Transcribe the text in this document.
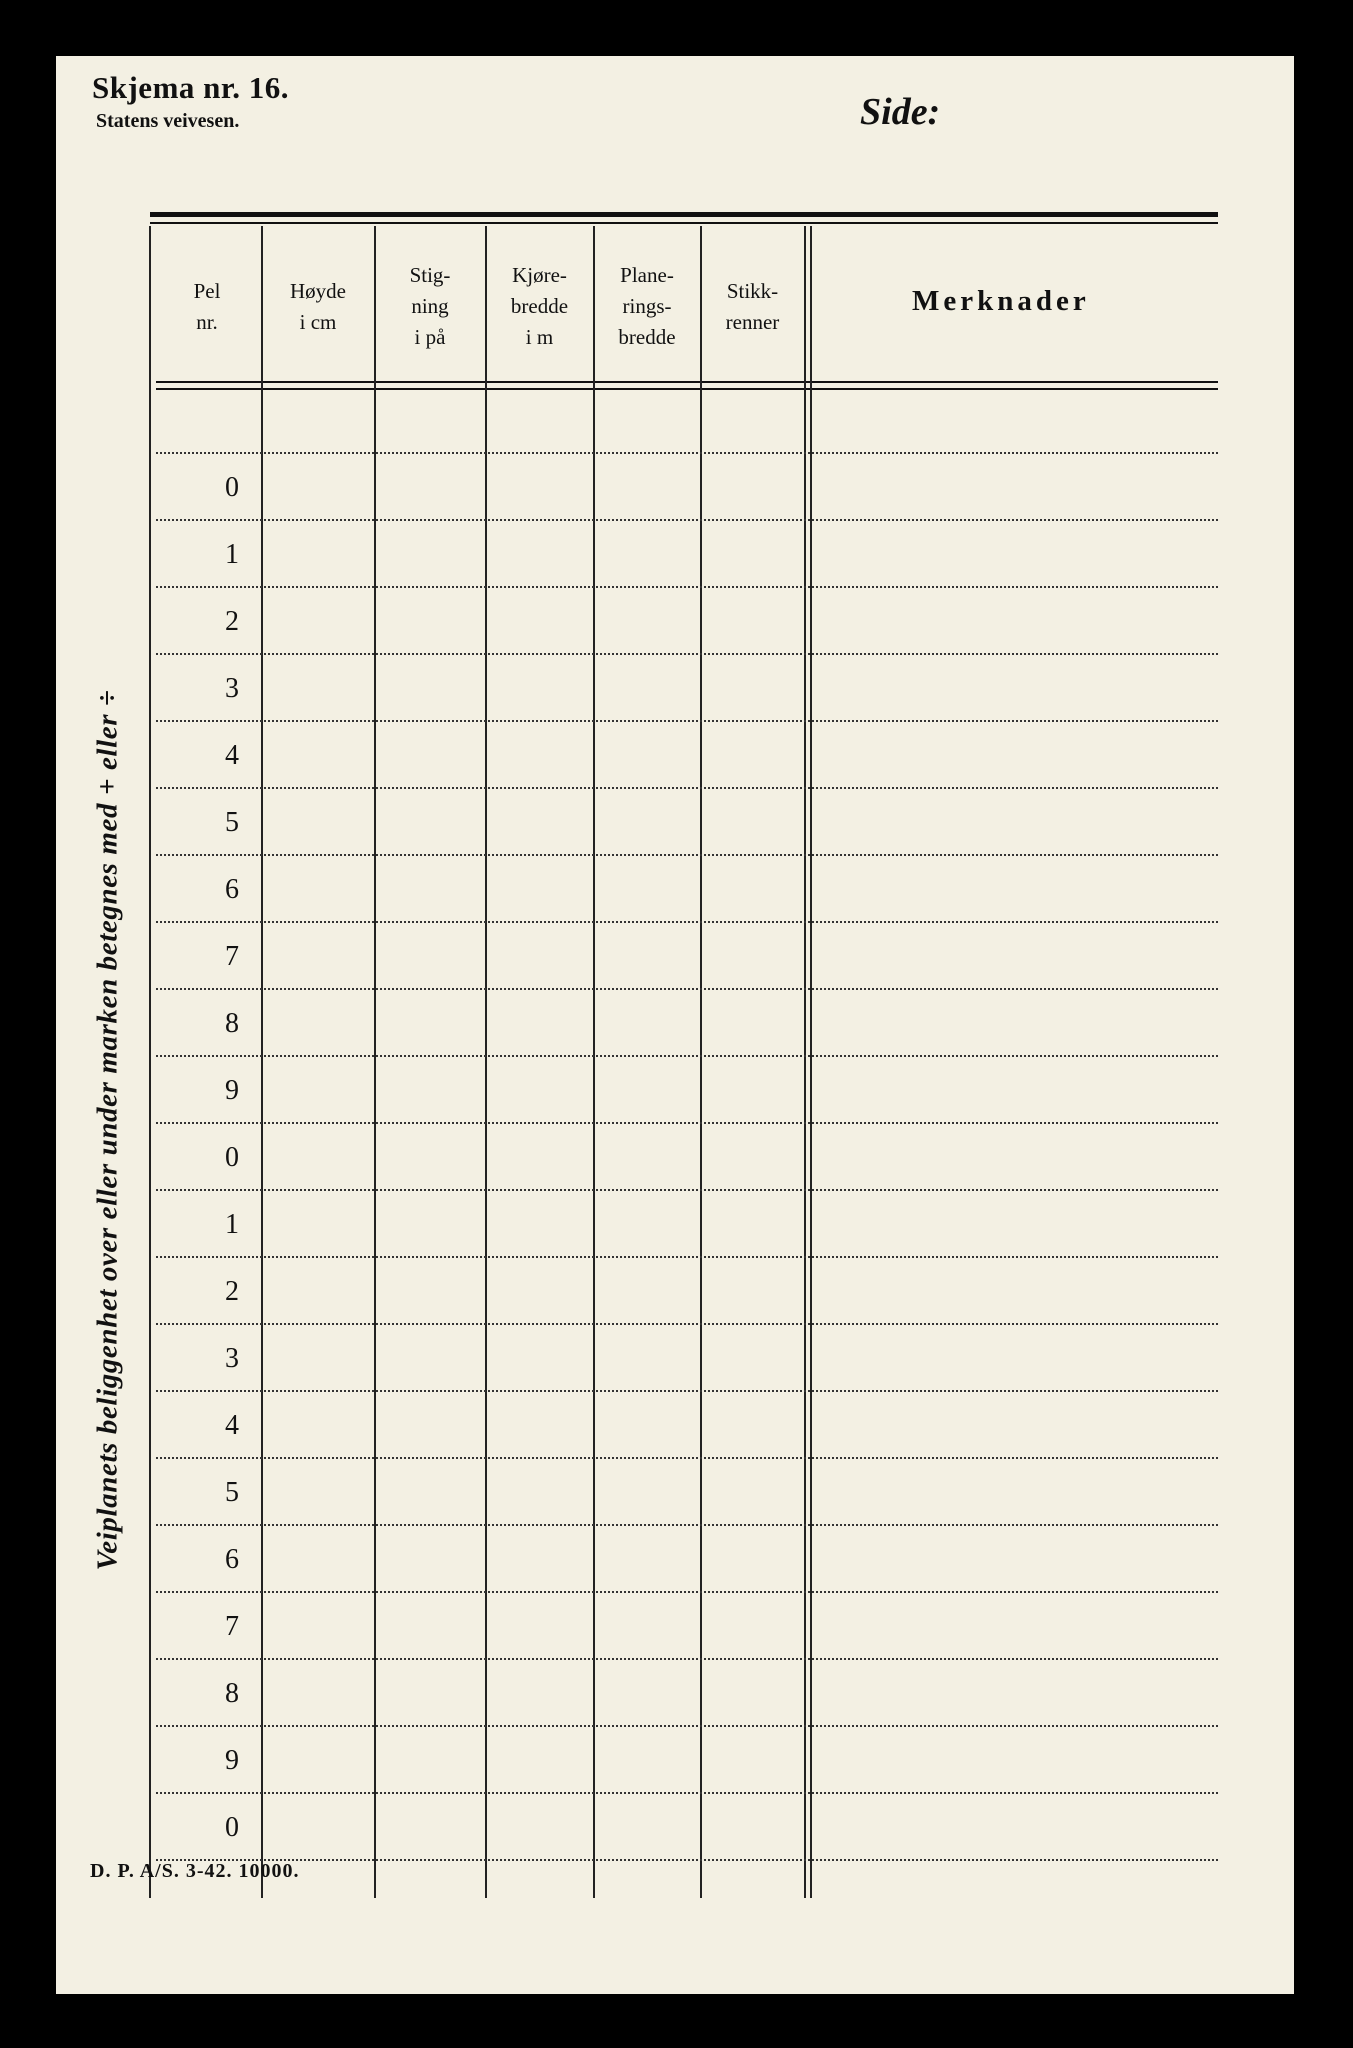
Skjema nr. 16.
Statens veivesen.	Side:
Pel
nr.
Høyde
i cm
Stig-
ning
i på
Kjøre-
bredde
i m
Plane-
rings-
bredde
Stikk-
renner
Merknader
0
1
2
3
4
5
6
7
8
9
0
1
2
3
4
5
6
7
8
9
0
Veiplanets beliggenhet over eller under marken betegnes med + eller ÷
D. P. A/S. 3-42. 10000.
